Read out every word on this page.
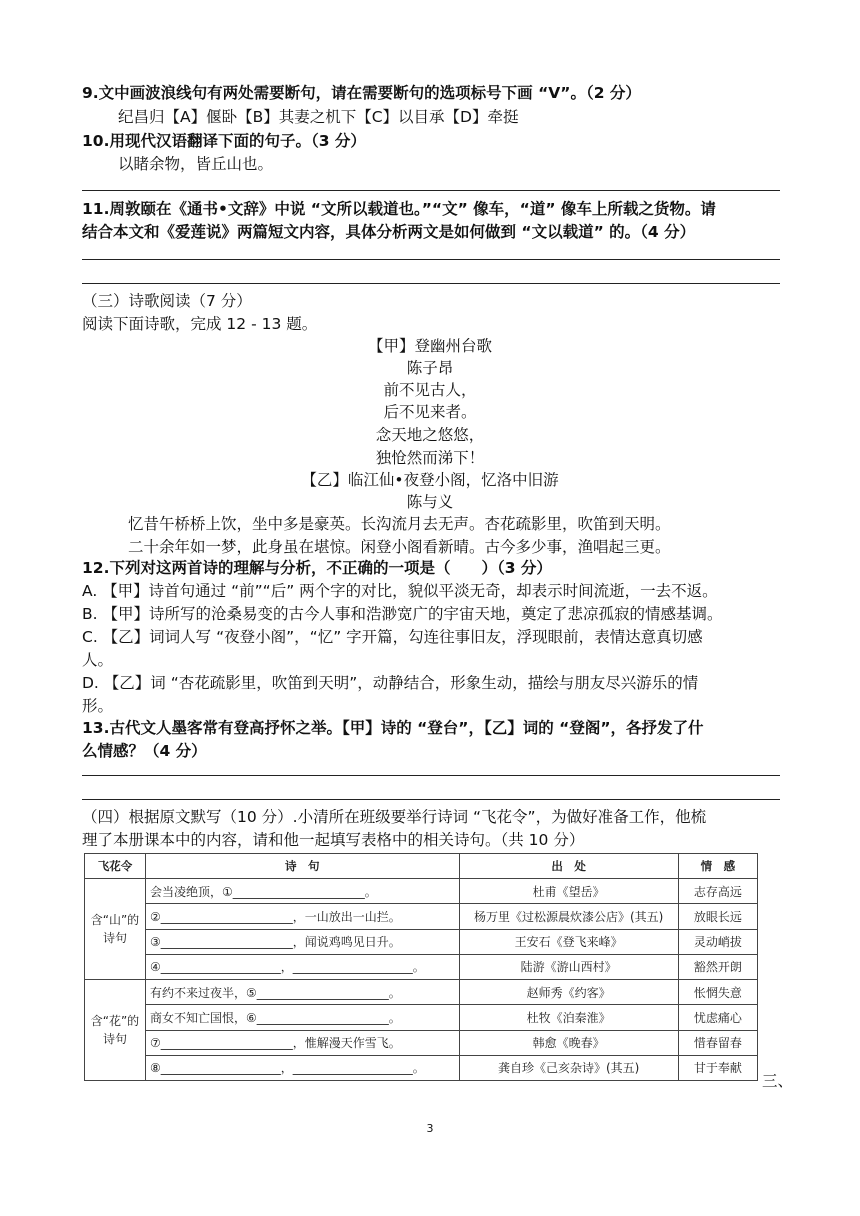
9.文中画波浪线句有两处需要断句，请在需要断句的选项标号下画 “V”。（2 分）
纪昌归【A】偃卧【B】其妻之机下【C】以目承【D】牵挺
10.用现代汉语翻译下面的句子。（3 分）
以睹余物，皆丘山也。
11.周敦颐在《通书•文辞》中说 “文所以载道也。”“文” 像车，“道” 像车上所载之货物。请
结合本文和《爱莲说》两篇短文内容，具体分析两文是如何做到 “文以载道” 的。（4 分）
（三）诗歌阅读（7 分）
阅读下面诗歌，完成 12 - 13 题。
【甲】登幽州台歌
陈子昂
前不见古人，
后不见来者。
念天地之悠悠，
独怆然而涕下！
【乙】临江仙•夜登小阁，忆洛中旧游
陈与义
忆昔午桥桥上饮，坐中多是豪英。长沟流月去无声。杏花疏影里，吹笛到天明。
二十余年如一梦，此身虽在堪惊。闲登小阁看新晴。古今多少事，渔唱起三更。
12.下列对这两首诗的理解与分析，不正确的一项是（　　）（3 分）
A. 【甲】诗首句通过 “前”“后” 两个字的对比，貌似平淡无奇，却表示时间流逝，一去不返。
B. 【甲】诗所写的沧桑易变的古今人事和浩渺宽广的宇宙天地，奠定了悲凉孤寂的情感基调。
C. 【乙】词词人写 “夜登小阁”，“忆” 字开篇，勾连往事旧友，浮现眼前，表情达意真切感
人。
D. 【乙】词 “杏花疏影里，吹笛到天明”，动静结合，形象生动，描绘与朋友尽兴游乐的情
形。
13.古代文人墨客常有登高抒怀之举。【甲】诗的 “登台”，【乙】词的 “登阁”，各抒发了什
么情感？（4 分）
（四）根据原文默写（10 分）.小清所在班级要举行诗词 “飞花令”，为做好准备工作，他梳
理了本册课本中的内容，请和他一起填写表格中的相关诗句。（共 10 分）
飞花令	诗　句	出　处	情　感
含“山”的诗句	会当凌绝顶，①______________________。	杜甫《望岳》	志存高远
	②______________________，一山放出一山拦。	杨万里《过松源晨炊漆公店》(其五)	放眼长远
	③______________________，闻说鸡鸣见日升。	王安石《登飞来峰》	灵动峭拔
	④____________________，____________________。	陆游《游山西村》	豁然开朗
含“花”的诗句	有约不来过夜半，⑤______________________。	赵师秀《约客》	怅惘失意
	商女不知亡国恨，⑥______________________。	杜牧《泊秦淮》	忧虑痛心
	⑦______________________，惟解漫天作雪飞。	韩愈《晚春》	惜春留春
	⑧____________________，____________________。	龚自珍《己亥杂诗》(其五)	甘于奉献
三、
3
